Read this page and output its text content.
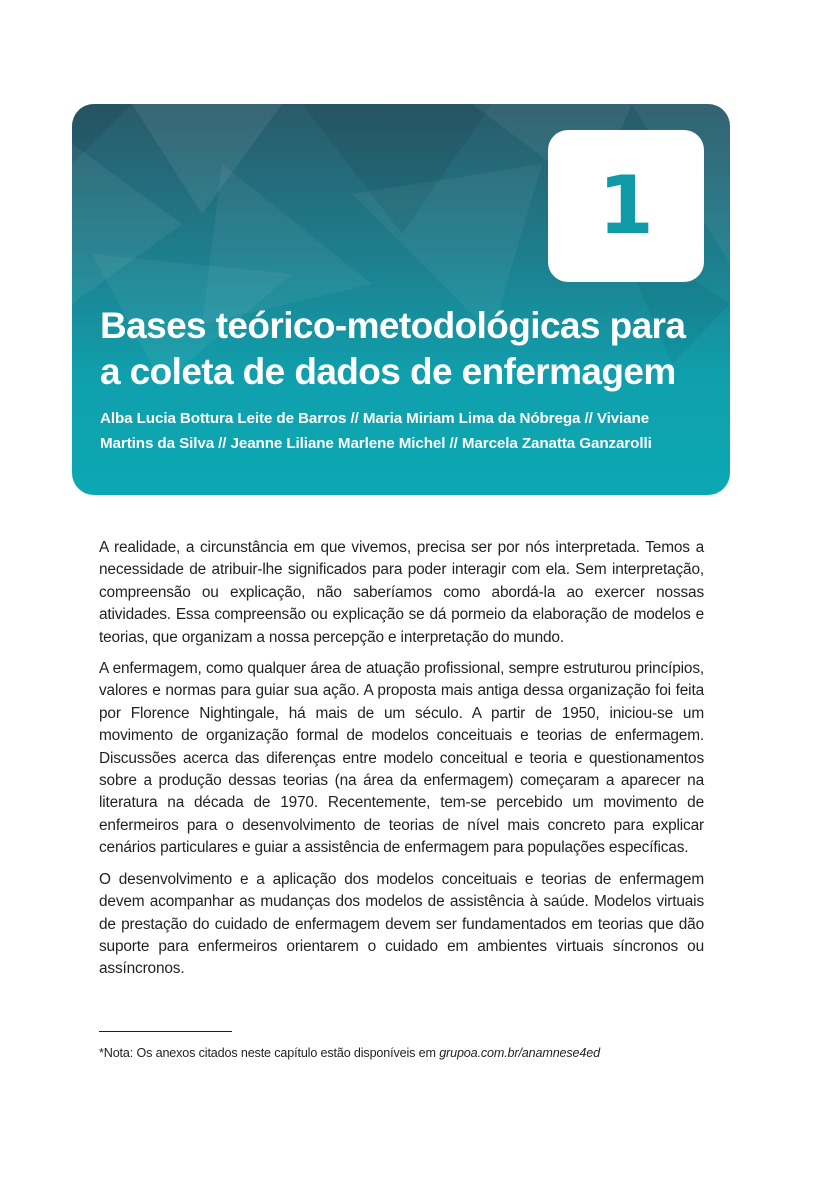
1
Bases teórico-metodológicas para
a coleta de dados de enfermagem
Alba Lucia Bottura Leite de Barros // Maria Miriam Lima da Nóbrega // Viviane
Martins da Silva // Jeanne Liliane Marlene Michel // Marcela Zanatta Ganzarolli

A realidade, a circunstância em que vivemos, precisa ser por nós interpretada. Temos a necessidade de atribuir-lhe significados para poder interagir com ela. Sem interpretação, compreensão ou explicação, não saberíamos como abordá-la ao exercer nossas atividades. Essa compreensão ou explicação se dá pormeio da elaboração de modelos e teorias, que organizam a nossa percepção e interpretação do mundo.

A enfermagem, como qualquer área de atuação profissional, sempre estruturou princípios, valores e normas para guiar sua ação. A proposta mais antiga dessa organização foi feita por Florence Nightingale, há mais de um século. A partir de 1950, iniciou-se um movimento de organização formal de modelos conceituais e teorias de enfermagem. Discussões acerca das diferenças entre modelo conceitual e teoria e questionamentos sobre a produção dessas teorias (na área da enfermagem) começaram a aparecer na literatura na década de 1970. Recentemente, tem-se percebido um movimento de enfermeiros para o desenvolvimento de teorias de nível mais concreto para explicar cenários particulares e guiar a assistência de enfermagem para populações específicas.

O desenvolvimento e a aplicação dos modelos conceituais e teorias de enfermagem devem acompanhar as mudanças dos modelos de assistência à saúde. Modelos virtuais de prestação do cuidado de enfermagem devem ser fundamentados em teorias que dão suporte para enfermeiros orientarem o cuidado em ambientes virtuais síncronos ou assíncronos.

*Nota: Os anexos citados neste capítulo estão disponíveis em grupoa.com.br/anamnese4ed
